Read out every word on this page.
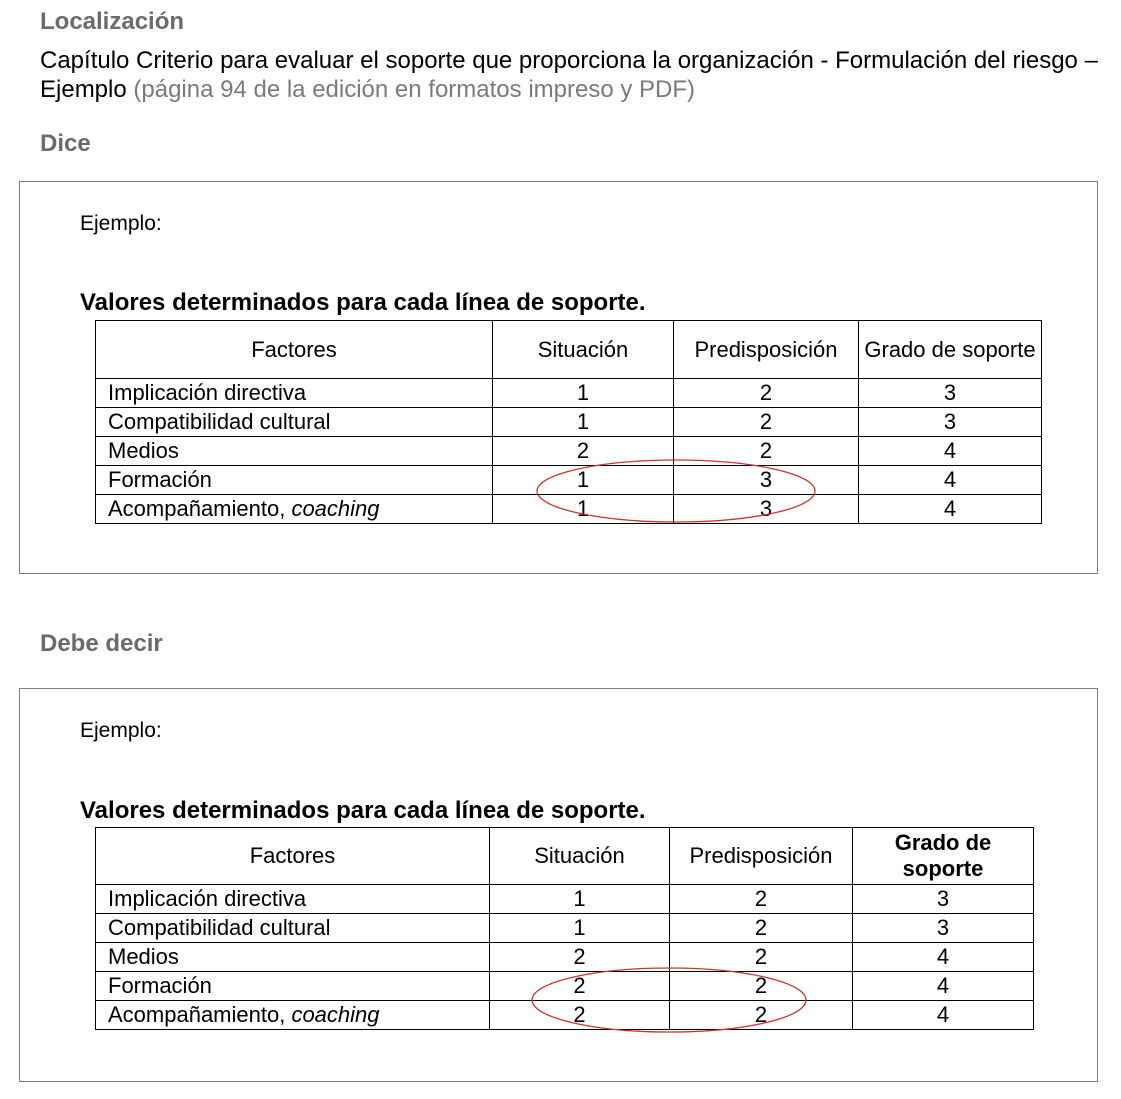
Localización

Capítulo Criterio para evaluar el soporte que proporciona la organización - Formulación del riesgo – Ejemplo (página 94 de la edición en formatos impreso y PDF)

Dice

Ejemplo:

Valores determinados para cada línea de soporte.

Factores	Situación	Predisposición	Grado de soporte
Implicación directiva	1	2	3
Compatibilidad cultural	1	2	3
Medios	2	2	4
Formación	1	3	4
Acompañamiento, coaching	1	3	4
Debe decir

Ejemplo:

Valores determinados para cada línea de soporte.

Factores	Situación	Predisposición	Grado de soporte
Implicación directiva	1	2	3
Compatibilidad cultural	1	2	3
Medios	2	2	4
Formación	2	2	4
Acompañamiento, coaching	2	2	4
